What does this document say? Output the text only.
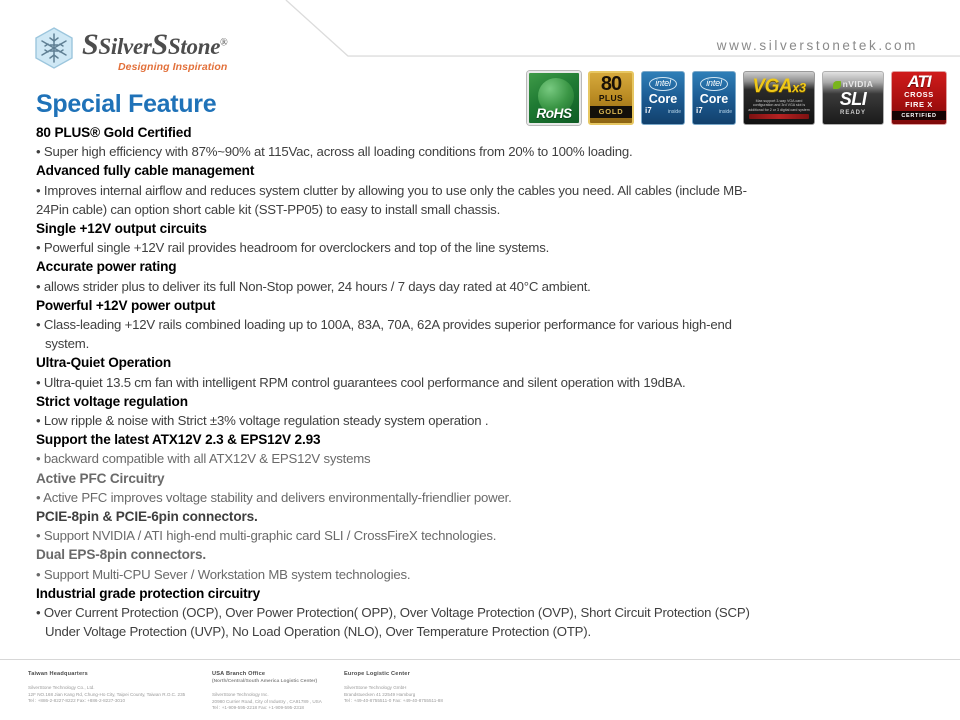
SSilverSStone®
Designing Inspiration
www.silverstonetek.com
RoHS
80
PLUS
GOLD
intel
Core
i7	inside
intel
Core
i7	inside
VGAx3
Max support 3-way VGA card configuration and 3rd VGA slot is additional for 2 or 3 digital card system
nVIDIA
SLI
READY
ATI
CROSS
FIRE X
CERTIFIED
Special Feature
80 PLUS® Gold Certified
• Super high efficiency with 87%~90% at 115Vac, across all loading conditions from 20% to 100% loading.
Advanced fully cable management
• Improves internal airflow and reduces system clutter by allowing you to use only the cables you need. All cables (include MB-
24Pin cable) can option short cable kit (SST-PP05) to easy to install small chassis.
Single +12V output circuits
• Powerful single +12V rail provides headroom for overclockers and top of the line systems.
Accurate power rating
• allows strider plus to deliver its full Non-Stop power, 24 hours / 7 days day rated at 40°C ambient.
Powerful +12V power output
• Class-leading +12V rails combined loading up to 100A, 83A, 70A, 62A provides superior performance for various high-end
system.
Ultra-Quiet Operation
• Ultra-quiet 13.5 cm fan with intelligent RPM control guarantees cool performance and silent operation with 19dBA.
Strict voltage regulation
• Low ripple & noise with Strict ±3% voltage regulation steady system operation .
Support the latest ATX12V 2.3 & EPS12V 2.93
• backward compatible with all ATX12V & EPS12V systems
Active PFC Circuitry
• Active PFC improves voltage stability and delivers environmentally-friendlier power.
PCIE-8pin & PCIE-6pin connectors.
• Support NVIDIA / ATI high-end multi-graphic card SLI / CrossFireX technologies.
Dual EPS-8pin connectors.
• Support Multi-CPU Sever / Workstation MB system technologies.
Industrial grade protection circuitry
• Over Current Protection (OCP), Over Power Protection( OPP), Over Voltage Protection (OVP), Short Circuit Protection (SCP)
Under Voltage Protection (UVP), No Load Operation (NLO), Over Temperature Protection (OTP).
Taiwan Headquarters
SilverStone Technology Co., Ltd.
12F NO.168 Jian Kang Rd, Chung-Ho City, Taipei County, Taiwan R.O.C. 235
Tel : +886-2-8227-8222 Fax: +886-2-8227-3010
USA Branch Office
(North/Central/South America Logistic Center)
SilverStone Technology Inc.
20980 Currier Road, City of Industry , CA91789 , USA
Tel : +1-909-595-2218 Fax: +1-909-595-2318
Europe Logistic Center
SilverStone Technology GmbH
Brandstuecken 41 22549 Hamburg
Tel : +49-40-8755511-0 Fax: +49-40-8755511-88
